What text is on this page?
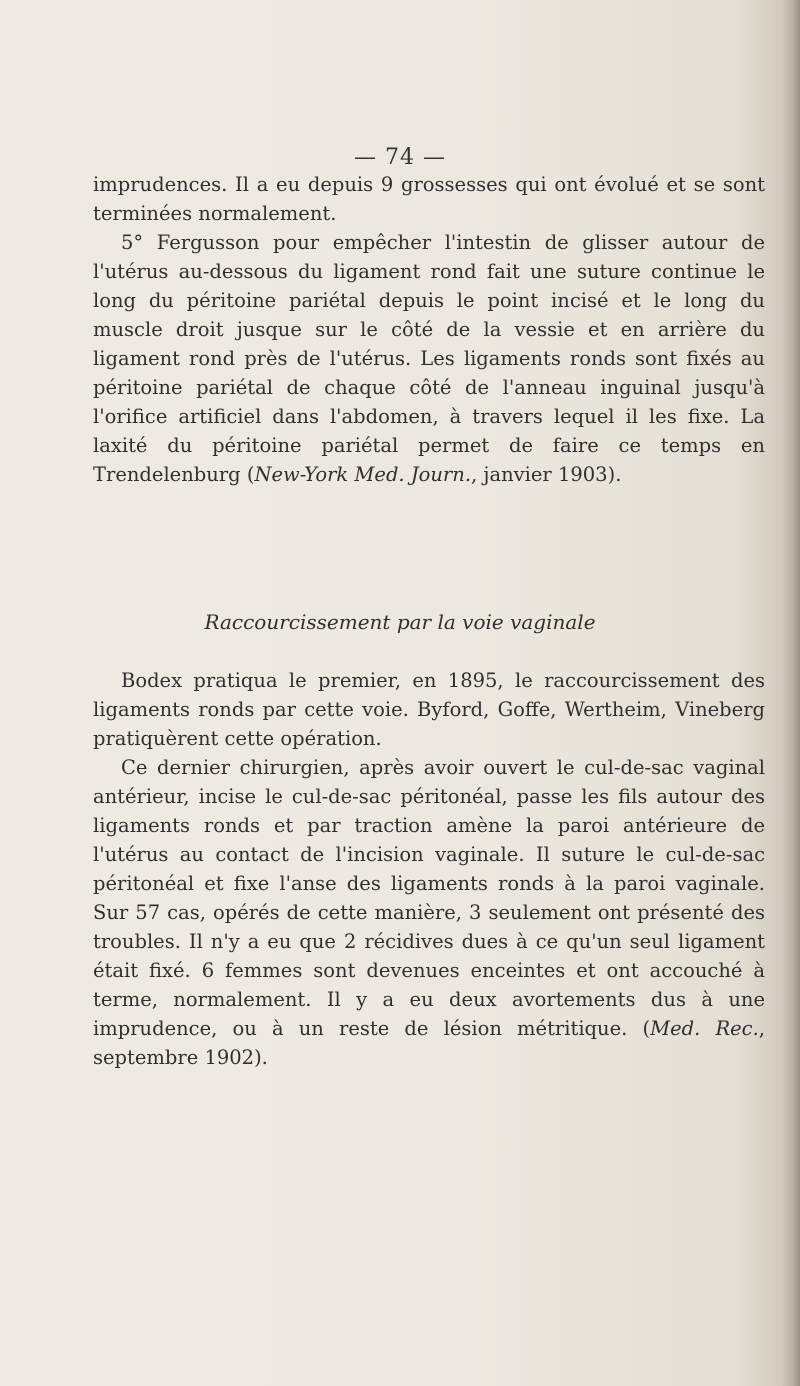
— 74 —

imprudences. Il a eu depuis 9 grossesses qui ont évolué et se sont terminées normalement.

5° Fergusson pour empêcher l'intestin de glisser autour de l'utérus au-dessous du ligament rond fait une suture continue le long du péritoine pariétal depuis le point incisé et le long du muscle droit jusque sur le côté de la vessie et en arrière du ligament rond près de l'utérus. Les ligaments ronds sont fixés au péritoine pariétal de chaque côté de l'anneau inguinal jusqu'à l'orifice artificiel dans l'abdomen, à travers lequel il les fixe. La laxité du péritoine pariétal permet de faire ce temps en Trendelenburg (New-York Med. Journ., janvier 1903).

Raccourcissement par la voie vaginale

Bodex pratiqua le premier, en 1895, le raccourcissement des ligaments ronds par cette voie. Byford, Goffe, Wertheim, Vineberg pratiquèrent cette opération.

Ce dernier chirurgien, après avoir ouvert le cul-de-sac vaginal antérieur, incise le cul-de-sac péritonéal, passe les fils autour des ligaments ronds et par traction amène la paroi antérieure de l'utérus au contact de l'incision vaginale. Il suture le cul-de-sac péritonéal et fixe l'anse des ligaments ronds à la paroi vaginale. Sur 57 cas, opérés de cette manière, 3 seulement ont présenté des troubles. Il n'y a eu que 2 récidives dues à ce qu'un seul ligament était fixé. 6 femmes sont devenues enceintes et ont accouché à terme, normalement. Il y a eu deux avortements dus à une imprudence, ou à un reste de lésion métritique. (Med. Rec., septembre 1902).
